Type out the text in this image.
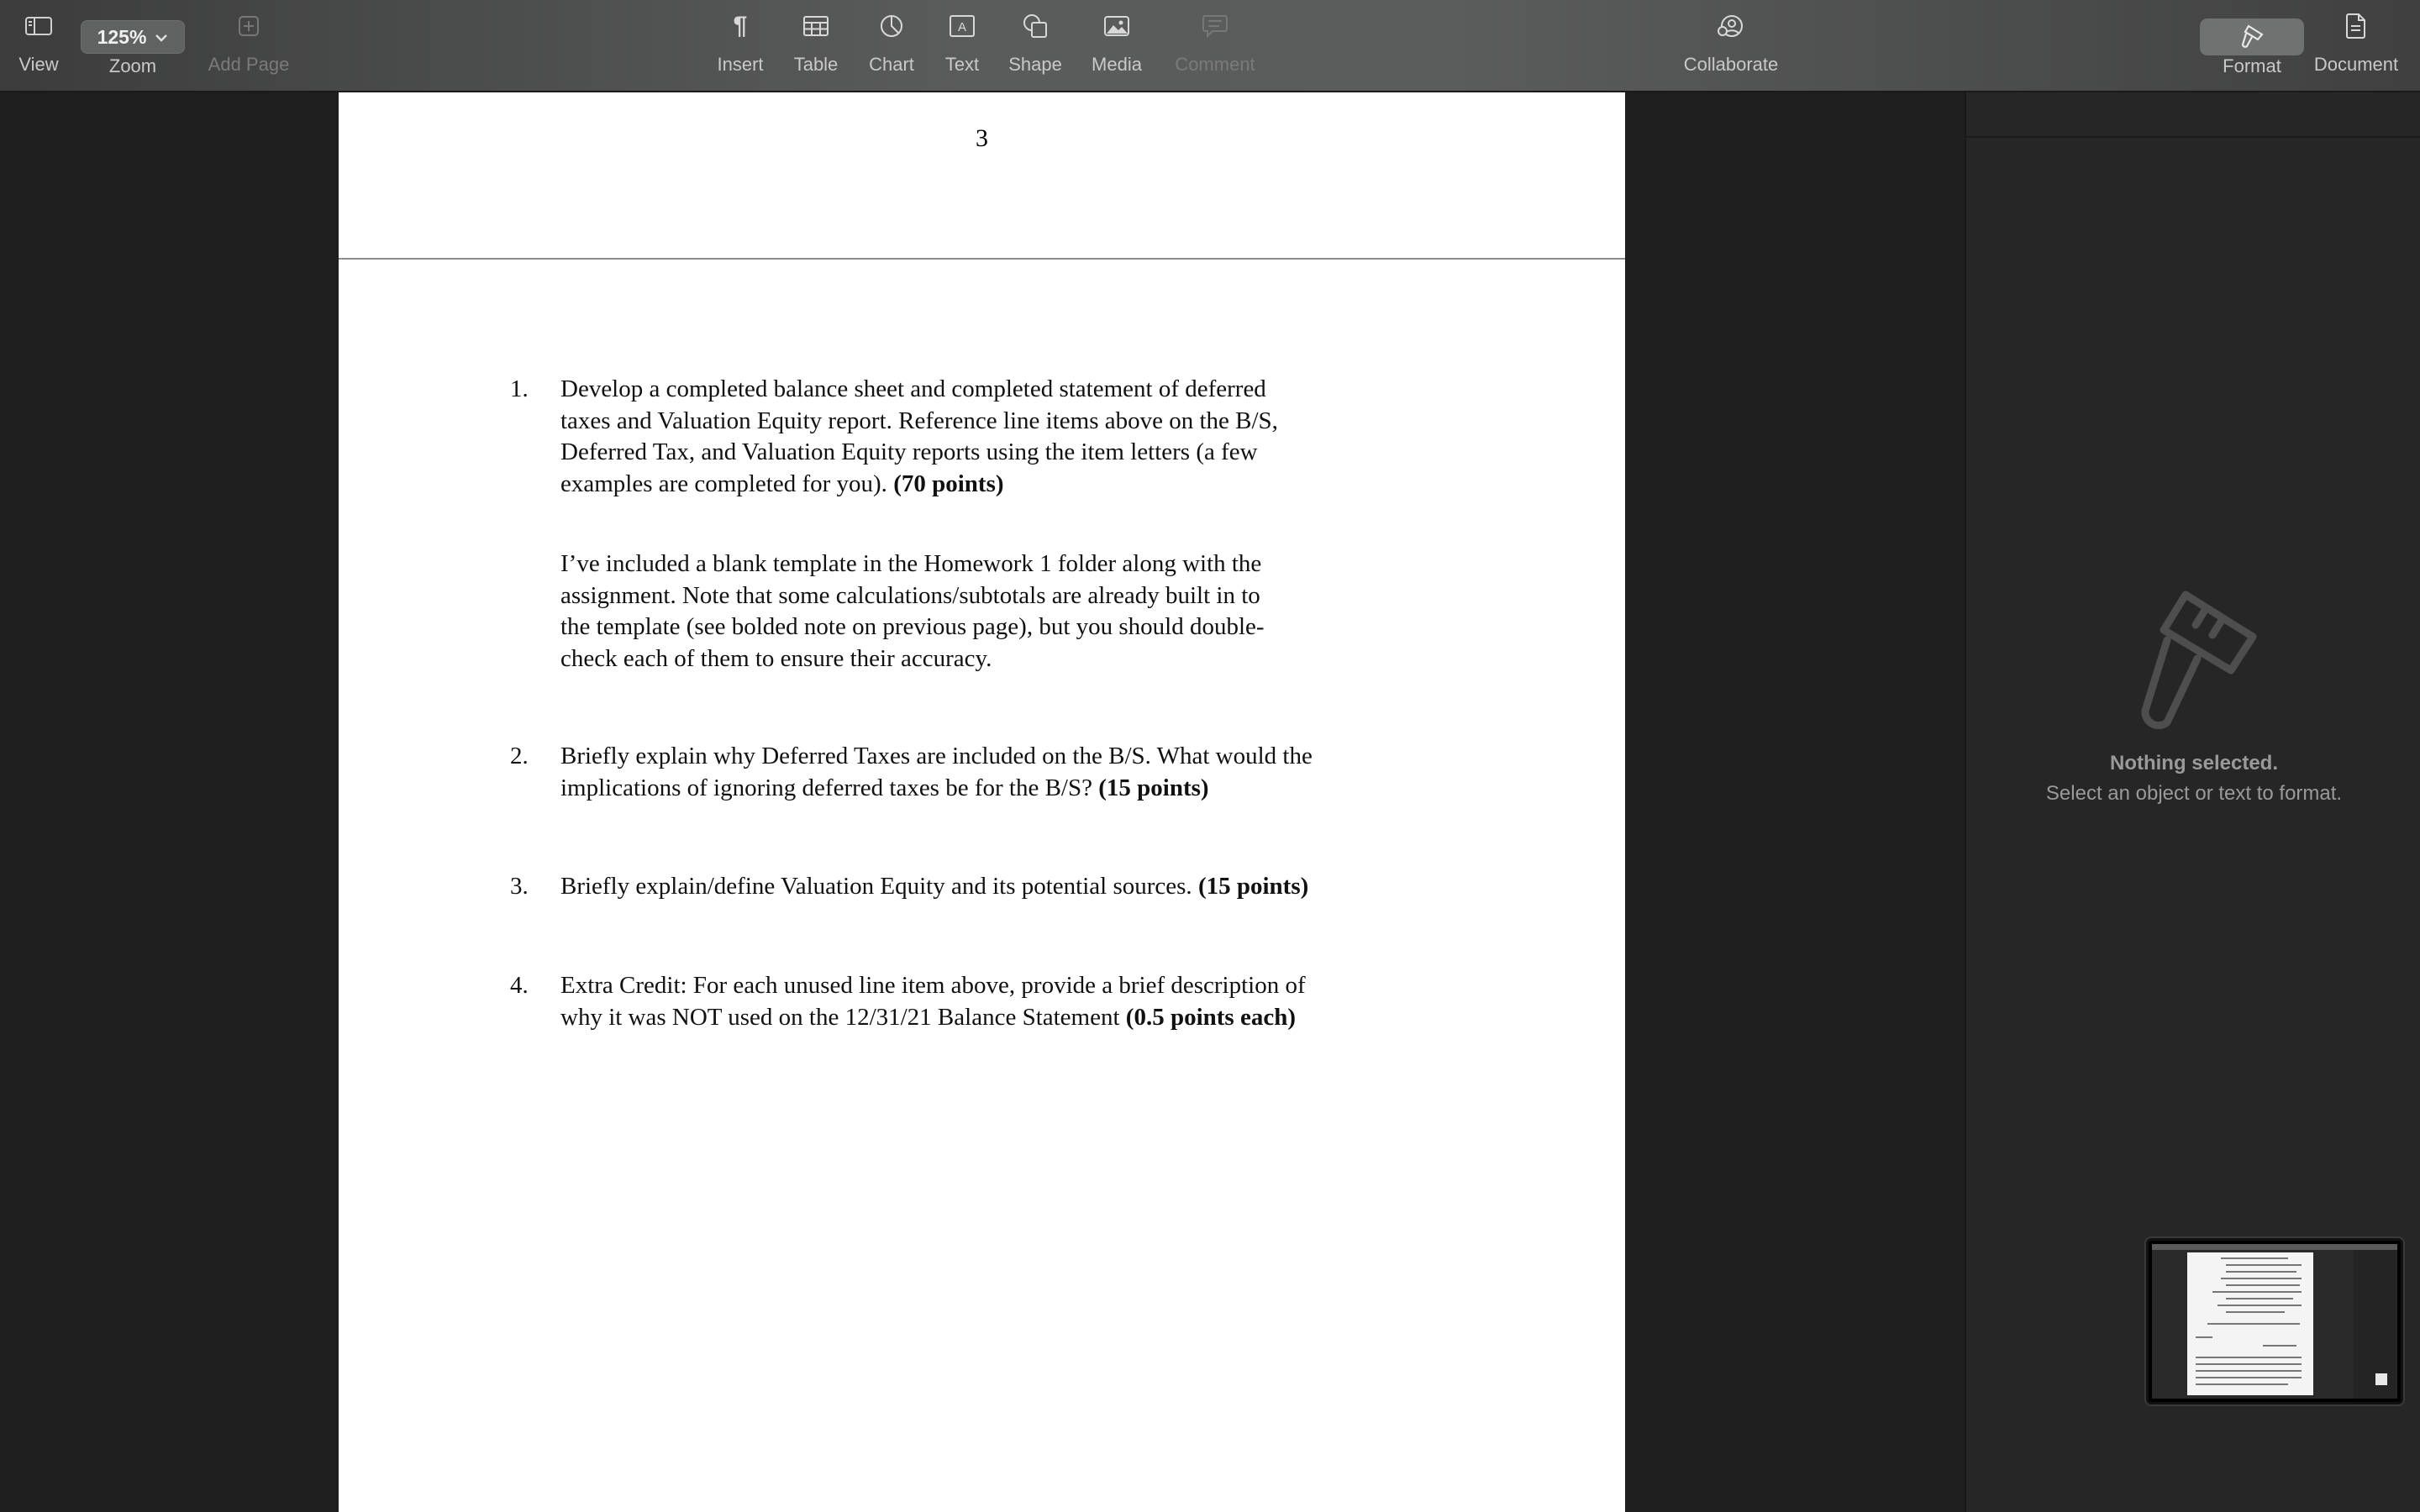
View
125%
Zoom	Add Page
¶
Insert Table Chart
A
Text Shape Media Comment	Collaborate	Format Document
3
1. Develop a completed balance sheet and completed statement of deferred
taxes and Valuation Equity report. Reference line items above on the B/S,
Deferred Tax, and Valuation Equity reports using the item letters (a few
examples are completed for you). (70 points)
I’ve included a blank template in the Homework 1 folder along with the
assignment. Note that some calculations/subtotals are already built in to
the template (see bolded note on previous page), but you should double-
check each of them to ensure their accuracy.
2. Briefly explain why Deferred Taxes are included on the B/S. What would the
implications of ignoring deferred taxes be for the B/S? (15 points)
3. Briefly explain/define Valuation Equity and its potential sources. (15 points)
4. Extra Credit: For each unused line item above, provide a brief description of
why it was NOT used on the 12/31/21 Balance Statement (0.5 points each)
Nothing selected.
Select an object or text to format.
